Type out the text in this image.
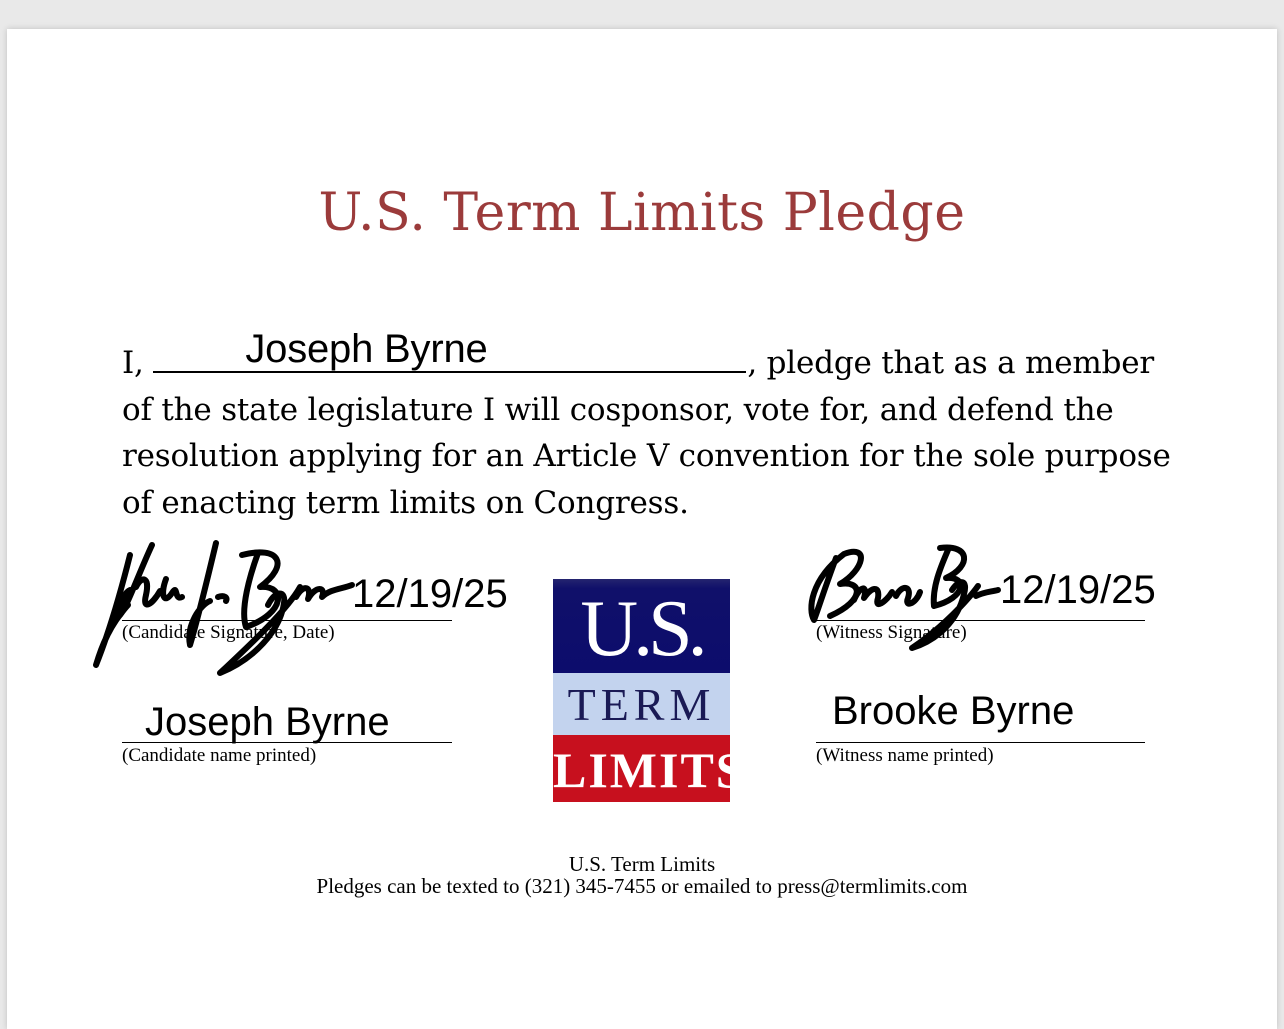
U.S. Term Limits Pledge
I, Joseph Byrne	, pledge that as a member of the state legislature I will cosponsor, vote for, and defend the resolution applying for an Article V convention for the sole purpose of enacting term limits on Congress.
(Candidate Signature, Date)
12/19/25
Joseph Byrne
(Candidate name printed)
U.S.
TERM
LIMITS
(Witness Signature)
12/19/25
Brooke Byrne
(Witness name printed)
U.S. Term Limits
Pledges can be texted to (321) 345-7455 or emailed to press@termlimits.com
